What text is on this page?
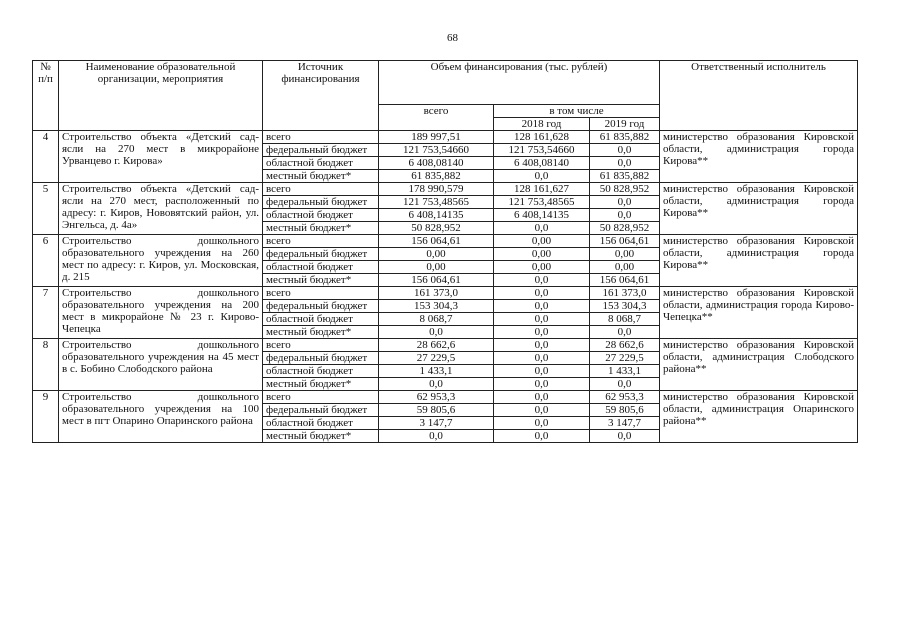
68
№
п/п	Наименование образовательной организации, мероприятия	Источник финансирования	Объем финансирования (тыс. рублей)			Ответственный исполнитель
			всего	в том числе		
				2018 год	2019 год	
4	Строительство объекта «Детский сад-ясли на 270 мест в микрорайоне Урванцево г. Кирова»	всего	189 997,51	128 161,628	61 835,882	министерство образования Кировской области, администрация города Кирова**
		федеральный бюджет	121 753,54660	121 753,54660	0,0	
		областной бюджет	6 408,08140	6 408,08140	0,0	
		местный бюджет*	61 835,882	0,0	61 835,882	
5	Строительство объекта «Детский сад-ясли на 270 мест, расположенный по адресу: г. Киров, Нововятский район, ул. Энгельса, д. 4а»	всего	178 990,579	128 161,627	50 828,952	министерство образования Кировской области, администрация города Кирова**
		федеральный бюджет	121 753,48565	121 753,48565	0,0	
		областной бюджет	6 408,14135	6 408,14135	0,0	
		местный бюджет*	50 828,952	0,0	50 828,952	
6	Строительство дошкольного образовательного учреждения на 260 мест по адресу: г. Киров, ул. Московская, д. 215	всего	156 064,61	0,00	156 064,61	министерство образования Кировской области, администрация города Кирова**
		федеральный бюджет	0,00	0,00	0,00	
		областной бюджет	0,00	0,00	0,00	
		местный бюджет*	156 064,61	0,0	156 064,61	
7	Строительство дошкольного образовательного учреждения на 200 мест в микрорайоне № 23 г. Кирово-Чепецка	всего	161 373,0	0,0	161 373,0	министерство образования Кировской области, администрация города Кирово-Чепецка**
		федеральный бюджет	153 304,3	0,0	153 304,3	
		областной бюджет	8 068,7	0,0	8 068,7	
		местный бюджет*	0,0	0,0	0,0	
8	Строительство дошкольного образовательного учреждения на 45 мест в с. Бобино Слободского района	всего	28 662,6	0,0	28 662,6	министерство образования Кировской области, администрация Слободского района**
		федеральный бюджет	27 229,5	0,0	27 229,5	
		областной бюджет	1 433,1	0,0	1 433,1	
		местный бюджет*	0,0	0,0	0,0	
9	Строительство дошкольного образовательного учреждения на 100 мест в пгт Опарино Опаринского района	всего	62 953,3	0,0	62 953,3	министерство образования Кировской области, администрация Опаринского района**
		федеральный бюджет	59 805,6	0,0	59 805,6	
		областной бюджет	3 147,7	0,0	3 147,7	
		местный бюджет*	0,0	0,0	0,0	
